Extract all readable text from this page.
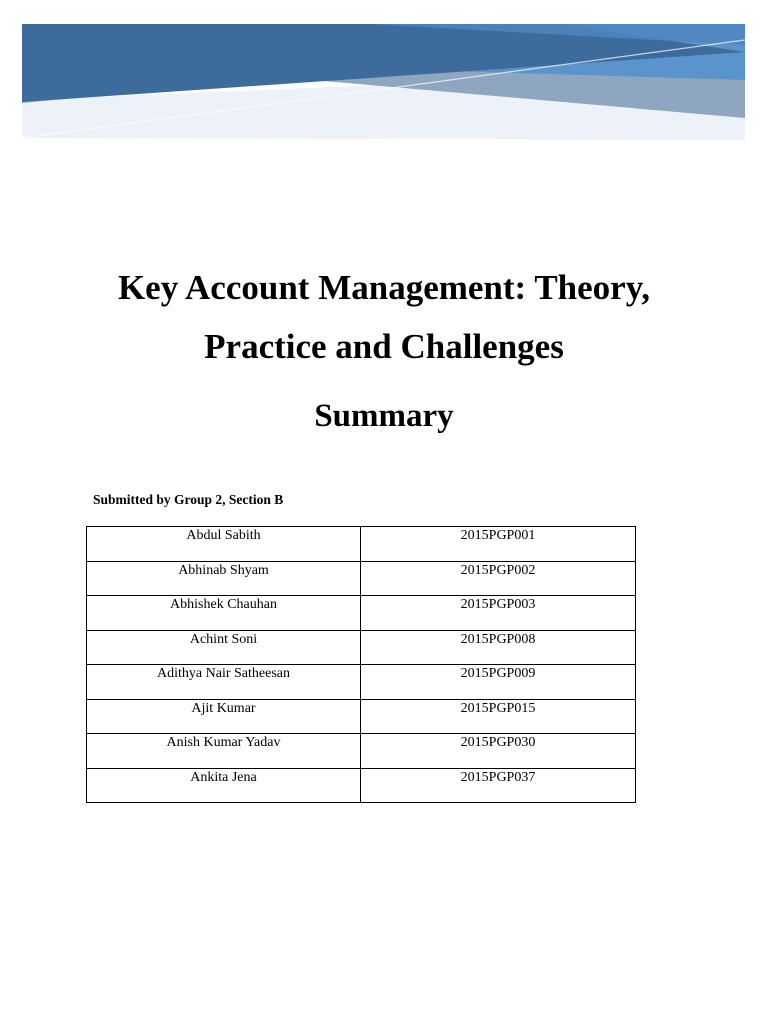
Key Account Management: Theory,
Practice and Challenges
Summary
Submitted by Group 2, Section B
Abdul Sabith	2015PGP001
Abhinab Shyam	2015PGP002
Abhishek Chauhan	2015PGP003
Achint Soni	2015PGP008
Adithya Nair Satheesan	2015PGP009
Ajit Kumar	2015PGP015
Anish Kumar Yadav	2015PGP030
Ankita Jena	2015PGP037
